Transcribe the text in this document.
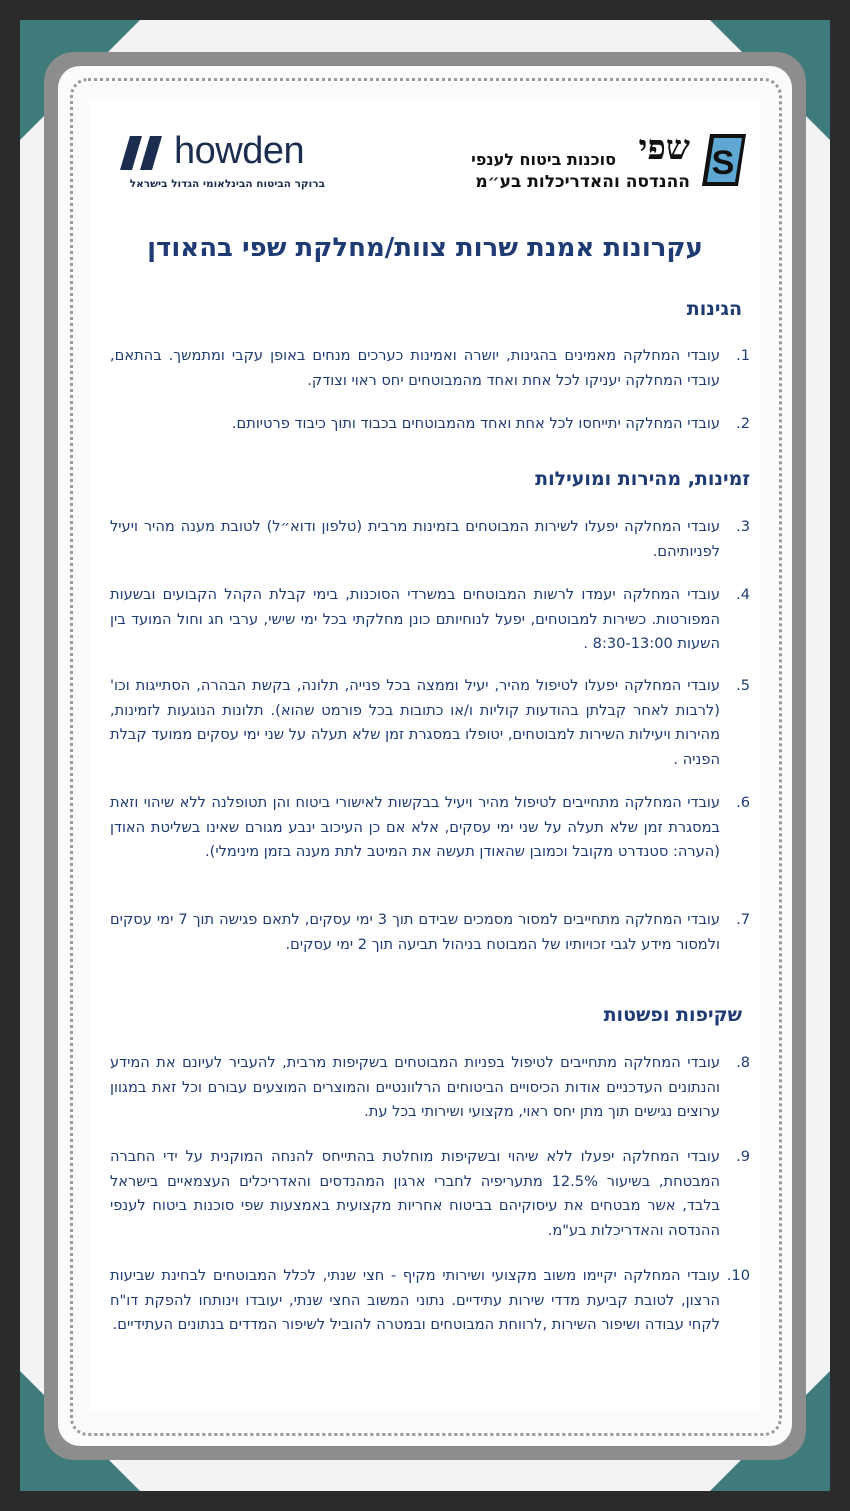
howden
ברוקר הביטוח הבינלאומי הגדול בישראל
S
שפי
סוכנות ביטוח לענפי
ההנדסה והאדריכלות בע״מ
עקרונות אמנת שרות צוות/מחלקת שפי בהאודן
הגינות
1.
עובדי המחלקה מאמינים בהגינות, יושרה ואמינות כערכים מנחים באופן עקבי ומתמשך. בהתאם, עובדי המחלקה יעניקו לכל אחת ואחד מהמבוטחים יחס ראוי וצודק.
2.
עובדי המחלקה יתייחסו לכל אחת ואחד מהמבוטחים בכבוד ותוך כיבוד פרטיותם.
זמינות, מהירות ומועילות
3.
עובדי המחלקה יפעלו לשירות המבוטחים בזמינות מרבית (טלפון ודוא״ל) לטובת מענה מהיר ויעיל לפניותיהם.
4.
עובדי המחלקה יעמדו לרשות המבוטחים במשרדי הסוכנות, בימי קבלת הקהל הקבועים ובשעות המפורטות. כשירות למבוטחים, יפעל לנוחיותם כונן מחלקתי בכל ימי שישי, ערבי חג וחול המועד בין השעות 8:30-13:00 .
5.
עובדי המחלקה יפעלו לטיפול מהיר, יעיל וממצה בכל פנייה, תלונה, בקשת הבהרה, הסתייגות וכו' (לרבות לאחר קבלתן בהודעות קוליות ו/או כתובות בכל פורמט שהוא). תלונות הנוגעות לזמינות, מהירות ויעילות השירות למבוטחים, יטופלו במסגרת זמן שלא תעלה על שני ימי עסקים ממועד קבלת הפניה .
6.
עובדי המחלקה מתחייבים לטיפול מהיר ויעיל בבקשות לאישורי ביטוח והן תטופלנה ללא שיהוי וזאת במסגרת זמן שלא תעלה על שני ימי עסקים, אלא אם כן העיכוב ינבע מגורם שאינו בשליטת האודן (הערה: סטנדרט מקובל וכמובן שהאודן תעשה את המיטב לתת מענה בזמן מינימלי).
7.
עובדי המחלקה מתחייבים למסור מסמכים שבידם תוך 3 ימי עסקים, לתאם פגישה תוך 7 ימי עסקים ולמסור מידע לגבי זכויותיו של המבוטח בניהול תביעה תוך 2 ימי עסקים.
שקיפות ופשטות
8.
עובדי המחלקה מתחייבים לטיפול בפניות המבוטחים בשקיפות מרבית, להעביר לעיונם את המידע והנתונים העדכניים אודות הכיסויים הביטוחים הרלוונטיים והמוצרים המוצעים עבורם וכל זאת במגוון ערוצים נגישים תוך מתן יחס ראוי, מקצועי ושירותי בכל עת.
9.
עובדי המחלקה יפעלו ללא שיהוי ובשקיפות מוחלטת בהתייחס להנחה המוקנית על ידי החברה המבטחת, בשיעור 12.5% מתעריפיה לחברי ארגון המהנדסים והאדריכלים העצמאיים בישראל בלבד, אשר מבטחים את עיסוקיהם בביטוח אחריות מקצועית באמצעות שפי סוכנות ביטוח לענפי ההנדסה והאדריכלות בע"מ.
10.
עובדי המחלקה יקיימו משוב מקצועי ושירותי מקיף - חצי שנתי, לכלל המבוטחים לבחינת שביעות הרצון, לטובת קביעת מדדי שירות עתידיים. נתוני המשוב החצי שנתי, יעובדו וינותחו להפקת דו"ח לקחי עבודה ושיפור השירות ,לרווחת המבוטחים ובמטרה להוביל לשיפור המדדים בנתונים העתידיים.
